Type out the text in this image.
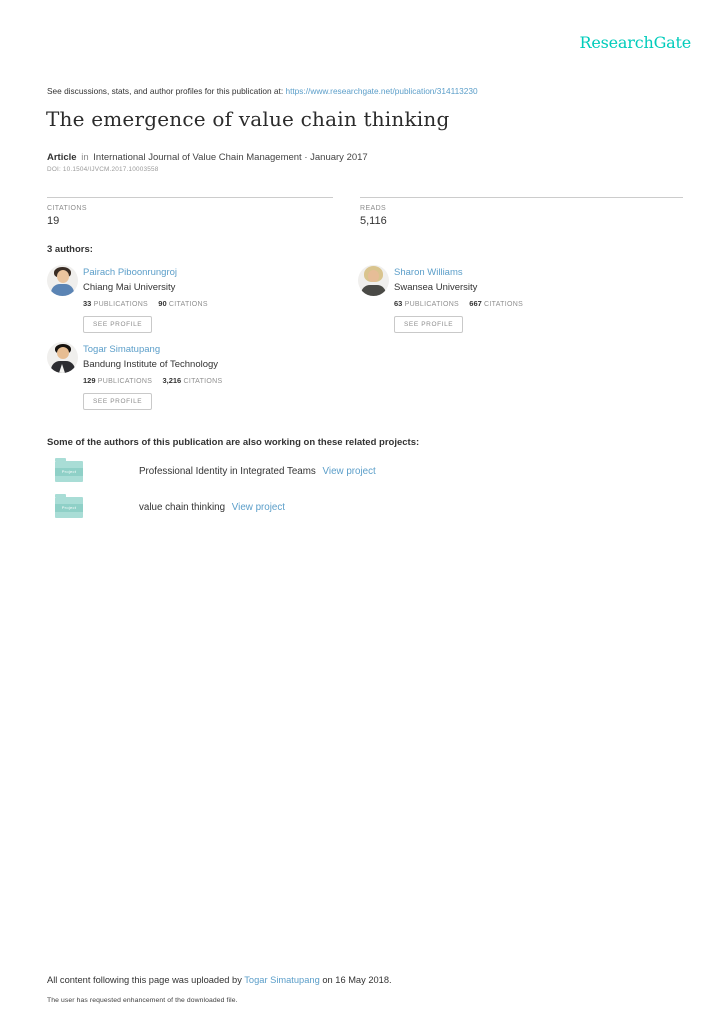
ResearchGate
See discussions, stats, and author profiles for this publication at: https://www.researchgate.net/publication/314113230
The emergence of value chain thinking
Article in International Journal of Value Chain Management · January 2017
DOI: 10.1504/IJVCM.2017.10003558
CITATIONS
19
READS
5,116
3 authors:
Pairach Piboonrungroj
Chiang Mai University
33 PUBLICATIONS 90 CITATIONS
SEE PROFILE
Sharon Williams
Swansea University
63 PUBLICATIONS 667 CITATIONS
SEE PROFILE
Togar Simatupang
Bandung Institute of Technology
129 PUBLICATIONS 3,216 CITATIONS
SEE PROFILE
Some of the authors of this publication are also working on these related projects:
Project	Professional Identity in Integrated Teams View project
Project	value chain thinking View project
All content following this page was uploaded by Togar Simatupang on 16 May 2018.
The user has requested enhancement of the downloaded file.
